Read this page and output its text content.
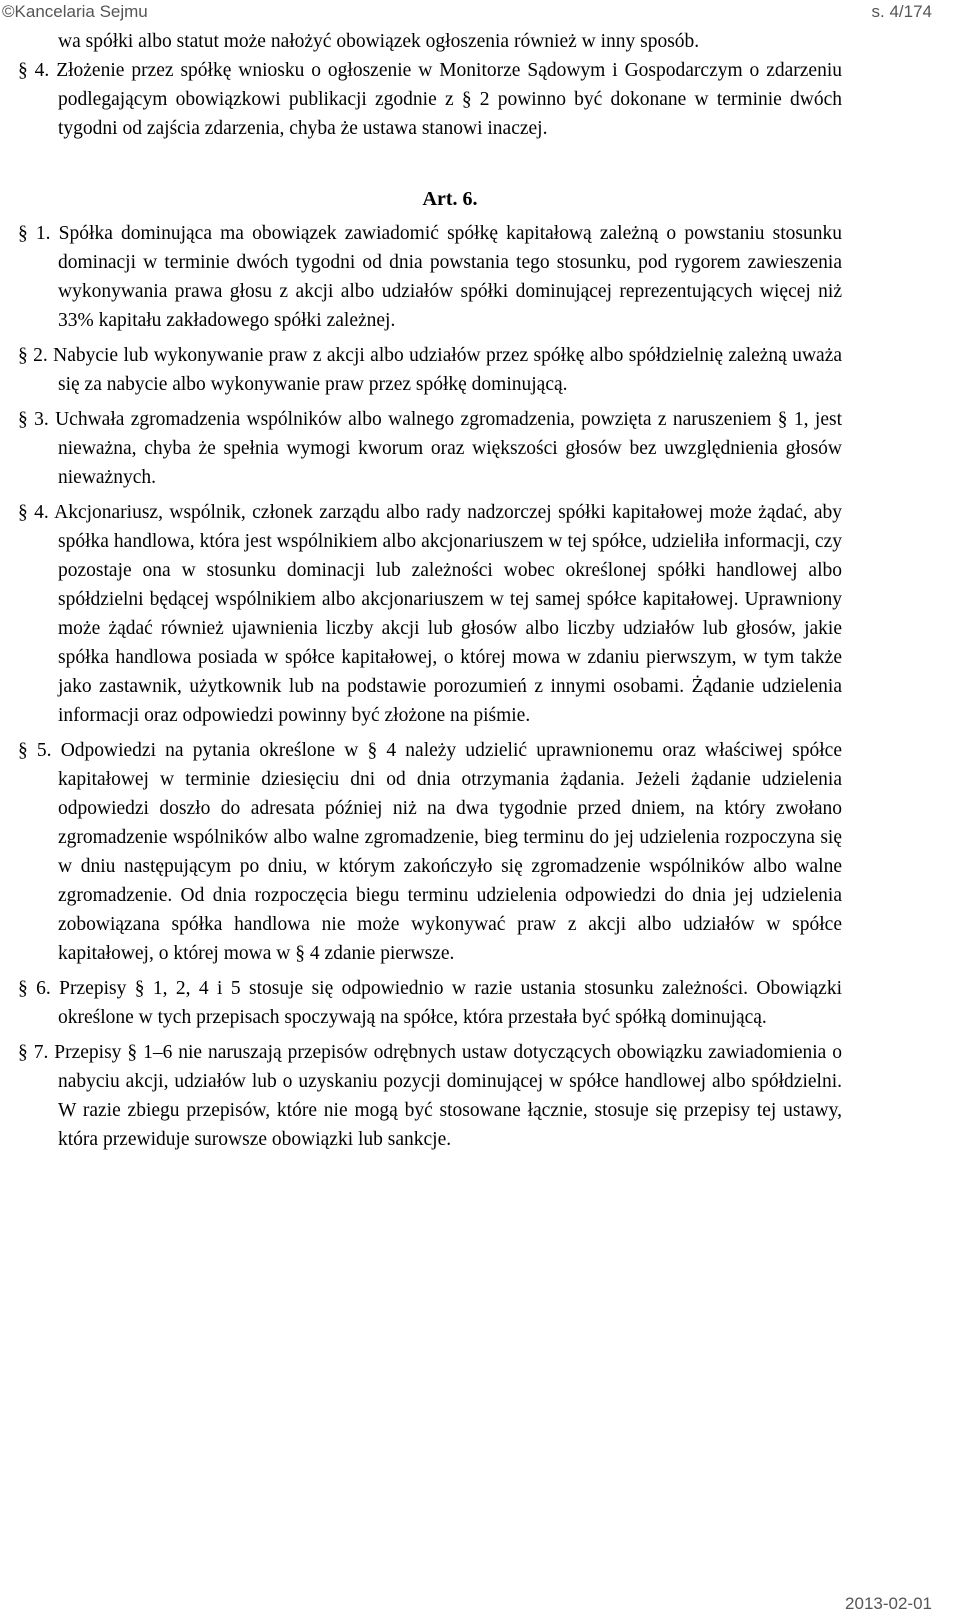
©Kancelaria Sejmu	s. 4/174

wa spółki albo statut może nałożyć obowiązek ogłoszenia również w inny sposób.

§ 4. Złożenie przez spółkę wniosku o ogłoszenie w Monitorze Sądowym i Gospodarczym o zdarzeniu podlegającym obowiązkowi publikacji zgodnie z § 2 powinno być dokonane w terminie dwóch tygodni od zajścia zdarzenia, chyba że ustawa stanowi inaczej.

Art. 6.

§ 1. Spółka dominująca ma obowiązek zawiadomić spółkę kapitałową zależną o powstaniu stosunku dominacji w terminie dwóch tygodni od dnia powstania tego stosunku, pod rygorem zawieszenia wykonywania prawa głosu z akcji albo udziałów spółki dominującej reprezentujących więcej niż 33% kapitału zakładowego spółki zależnej.

§ 2. Nabycie lub wykonywanie praw z akcji albo udziałów przez spółkę albo spółdzielnię zależną uważa się za nabycie albo wykonywanie praw przez spółkę dominującą.

§ 3. Uchwała zgromadzenia wspólników albo walnego zgromadzenia, powzięta z naruszeniem § 1, jest nieważna, chyba że spełnia wymogi kworum oraz większości głosów bez uwzględnienia głosów nieważnych.

§ 4. Akcjonariusz, wspólnik, członek zarządu albo rady nadzorczej spółki kapitałowej może żądać, aby spółka handlowa, która jest wspólnikiem albo akcjonariuszem w tej spółce, udzieliła informacji, czy pozostaje ona w stosunku dominacji lub zależności wobec określonej spółki handlowej albo spółdzielni będącej wspólnikiem albo akcjonariuszem w tej samej spółce kapitałowej. Uprawniony może żądać również ujawnienia liczby akcji lub głosów albo liczby udziałów lub głosów, jakie spółka handlowa posiada w spółce kapitałowej, o której mowa w zdaniu pierwszym, w tym także jako zastawnik, użytkownik lub na podstawie porozumień z innymi osobami. Żądanie udzielenia informacji oraz odpowiedzi powinny być złożone na piśmie.

§ 5. Odpowiedzi na pytania określone w § 4 należy udzielić uprawnionemu oraz właściwej spółce kapitałowej w terminie dziesięciu dni od dnia otrzymania żądania. Jeżeli żądanie udzielenia odpowiedzi doszło do adresata później niż na dwa tygodnie przed dniem, na który zwołano zgromadzenie wspólników albo walne zgromadzenie, bieg terminu do jej udzielenia rozpoczyna się w dniu następującym po dniu, w którym zakończyło się zgromadzenie wspólników albo walne zgromadzenie. Od dnia rozpoczęcia biegu terminu udzielenia odpowiedzi do dnia jej udzielenia zobowiązana spółka handlowa nie może wykonywać praw z akcji albo udziałów w spółce kapitałowej, o której mowa w § 4 zdanie pierwsze.

§ 6. Przepisy § 1, 2, 4 i 5 stosuje się odpowiednio w razie ustania stosunku zależności. Obowiązki określone w tych przepisach spoczywają na spółce, która przestała być spółką dominującą.

§ 7. Przepisy § 1–6 nie naruszają przepisów odrębnych ustaw dotyczących obowiązku zawiadomienia o nabyciu akcji, udziałów lub o uzyskaniu pozycji dominującej w spółce handlowej albo spółdzielni. W razie zbiegu przepisów, które nie mogą być stosowane łącznie, stosuje się przepisy tej ustawy, która przewiduje surowsze obowiązki lub sankcje.

2013-02-01
